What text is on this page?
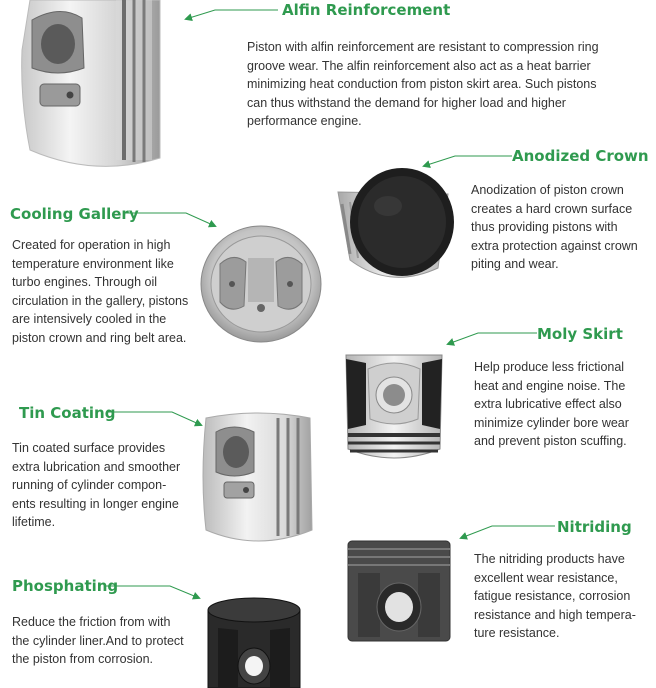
Alfin Reinforcement
Anodized Crown
Cooling Gallery
Moly Skirt
Tin Coating
Nitriding
Phosphating

Piston with alfin reinforcement are resistant to compression ring

groove wear. The alfin reinforcement also act as a heat barrier

minimizing heat conduction from piston skirt area. Such pistons

can thus withstand the demand for higher load and higher

performance engine.

Anodization of piston crown

creates a hard crown surface

thus providing pistons with

extra protection against crown

piting and wear.

Created for operation in high

temperature environment like

turbo engines. Through oil

circulation in the gallery, pistons

are intensively cooled in the

piston crown and ring belt area.

Help produce less frictional

heat and engine noise. The

extra lubricative effect also

minimize cylinder bore wear

and prevent piston scuffing.

Tin coated surface provides

extra lubrication and smoother

running of cylinder compon-

ents resulting in longer engine

lifetime.

The nitriding products have

excellent wear resistance,

fatigue resistance, corrosion

resistance and high tempera-

ture resistance.

Reduce the friction from with

the cylinder liner.And to protect

the piston from corrosion.
